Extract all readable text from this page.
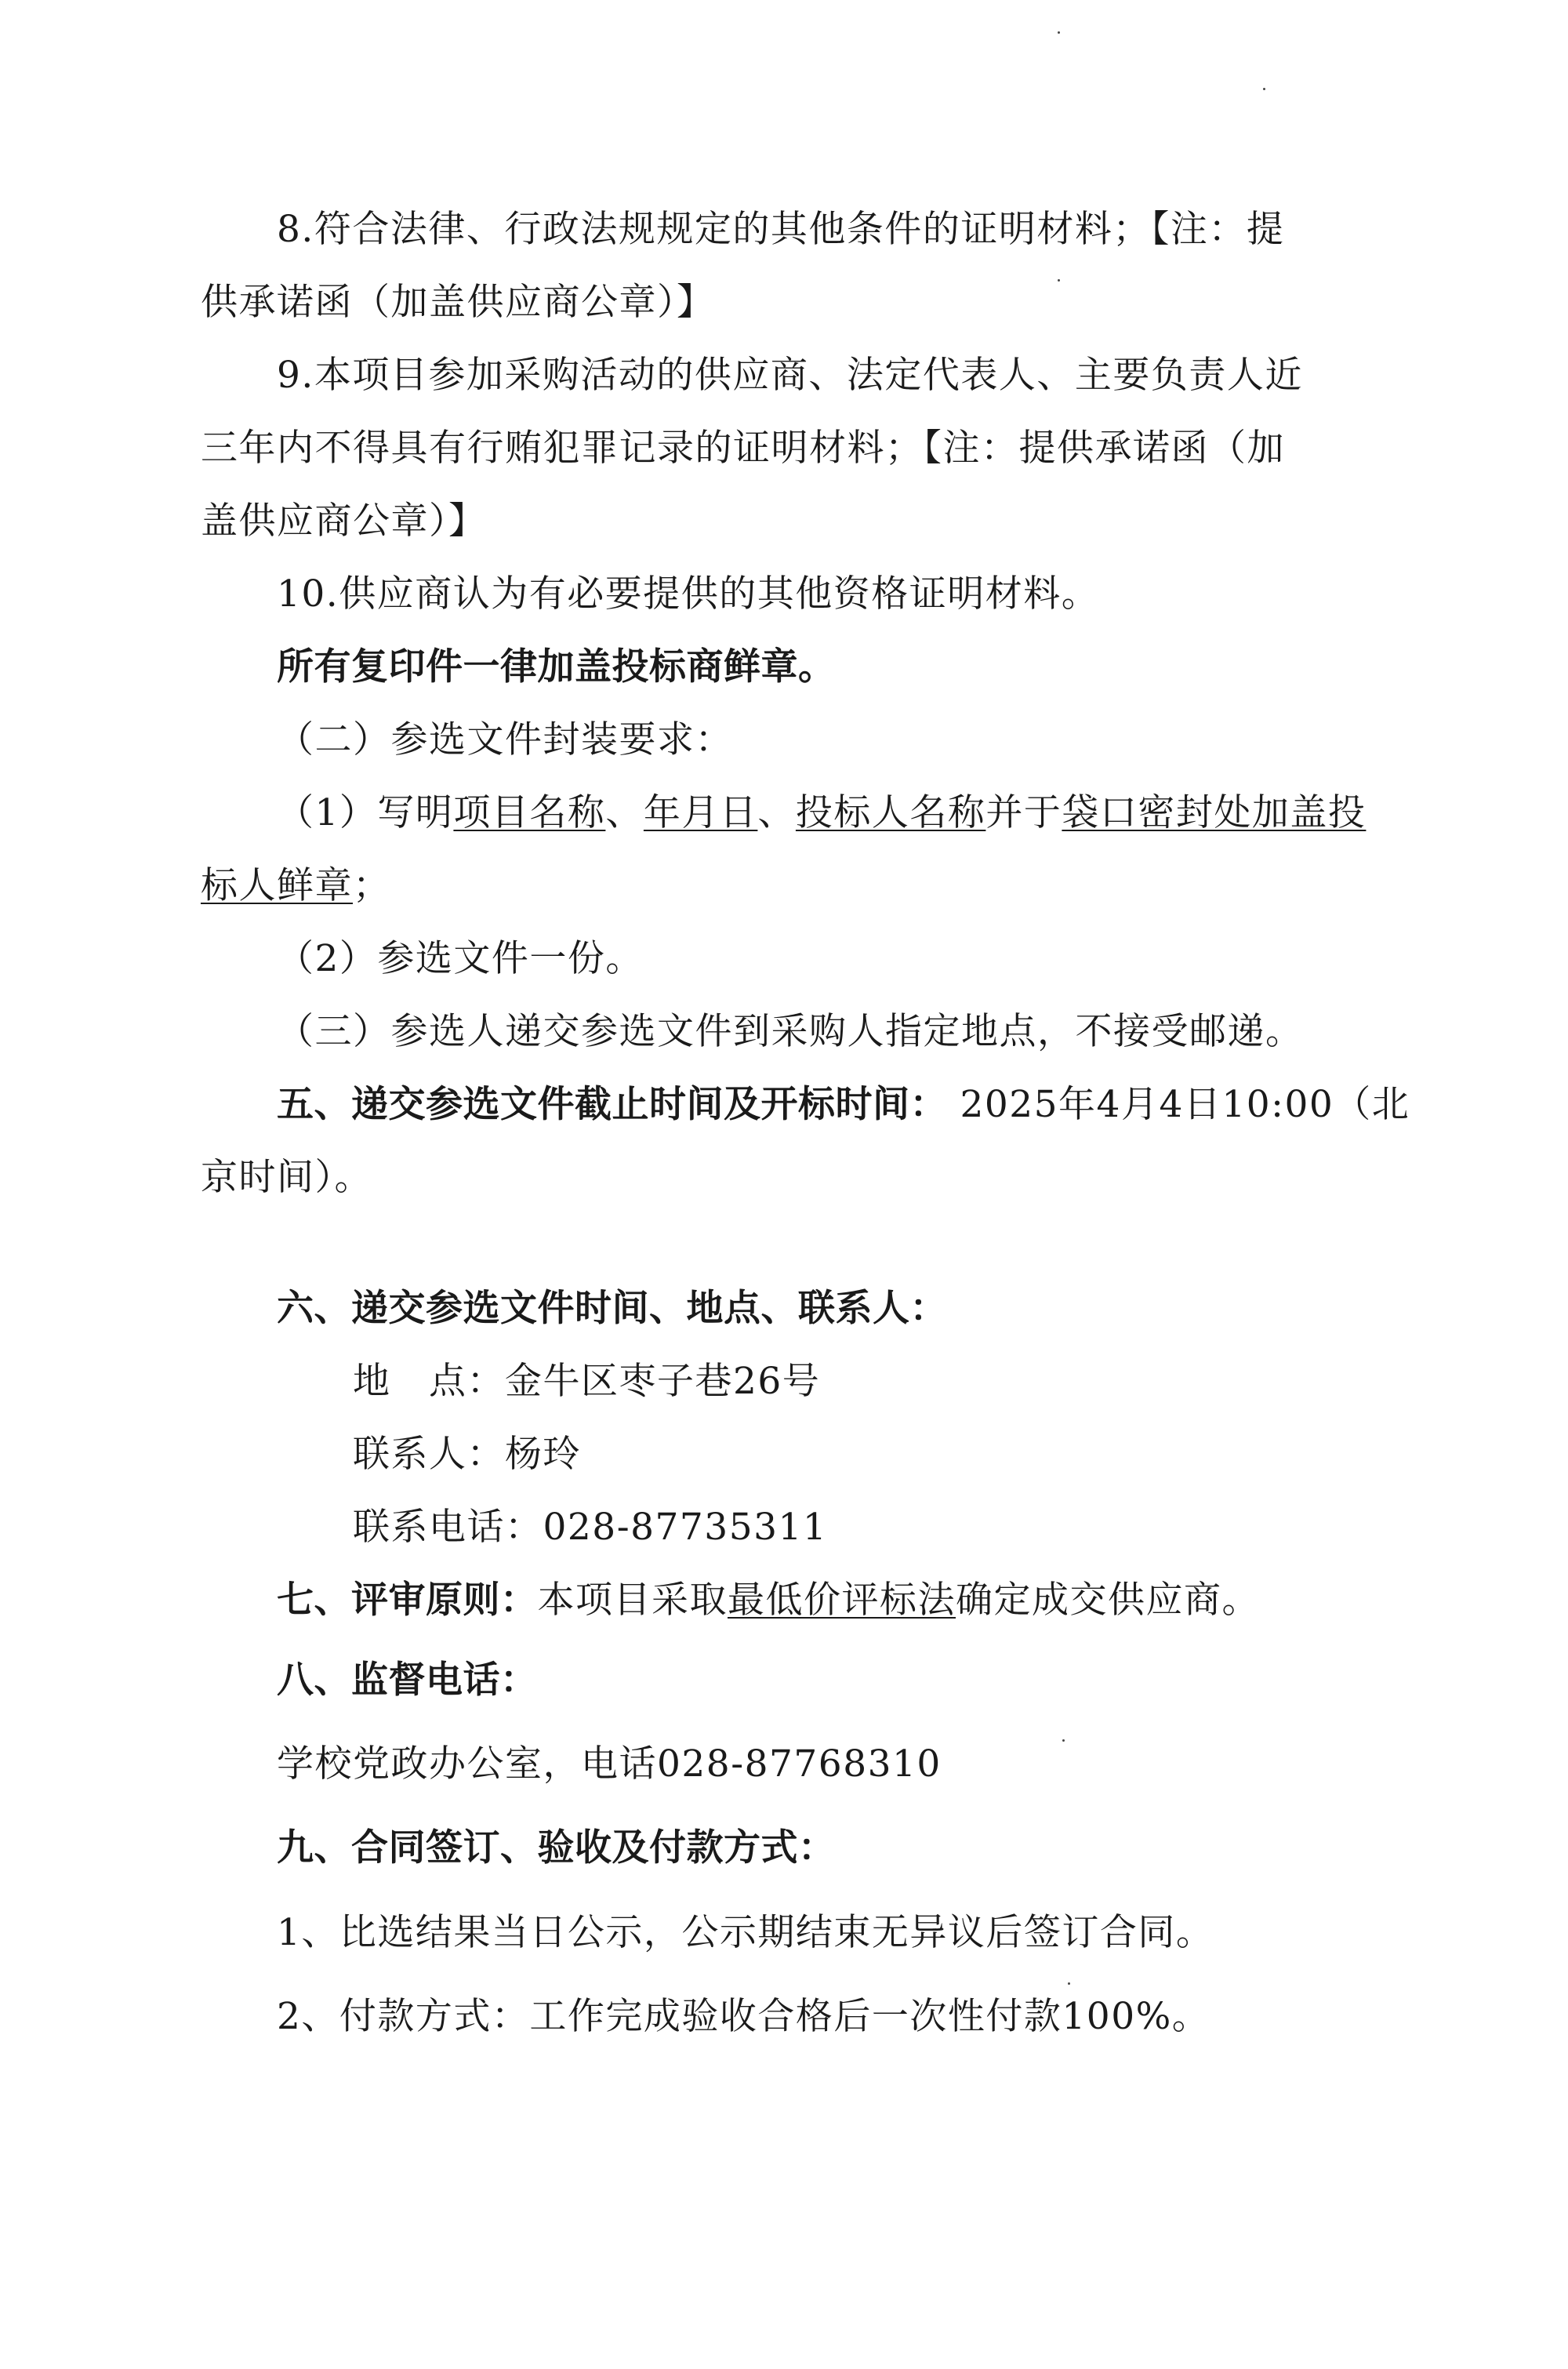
8.符合法律、行政法规规定的其他条件的证明材料；【注：提
供承诺函（加盖供应商公章）】
9.本项目参加采购活动的供应商、法定代表人、主要负责人近
三年内不得具有行贿犯罪记录的证明材料；【注：提供承诺函（加
盖供应商公章）】
10.供应商认为有必要提供的其他资格证明材料。
所有复印件一律加盖投标商鲜章。
（二）参选文件封装要求：
（1）写明项目名称、年月日、投标人名称并于袋口密封处加盖投
标人鲜章；
（2）参选文件一份。
（三）参选人递交参选文件到采购人指定地点，不接受邮递。
五、递交参选文件截止时间及开标时间： 2025年4月4日10:00（北
京时间）。
六、递交参选文件时间、地点、联系人：
地　点：金牛区枣子巷26号
联系人：杨玲
联系电话：028-87735311
七、评审原则：本项目采取最低价评标法确定成交供应商。
八、监督电话：
学校党政办公室，电话028-87768310
九、合同签订、验收及付款方式：
1、比选结果当日公示，公示期结束无异议后签订合同。
2、付款方式：工作完成验收合格后一次性付款100%。
